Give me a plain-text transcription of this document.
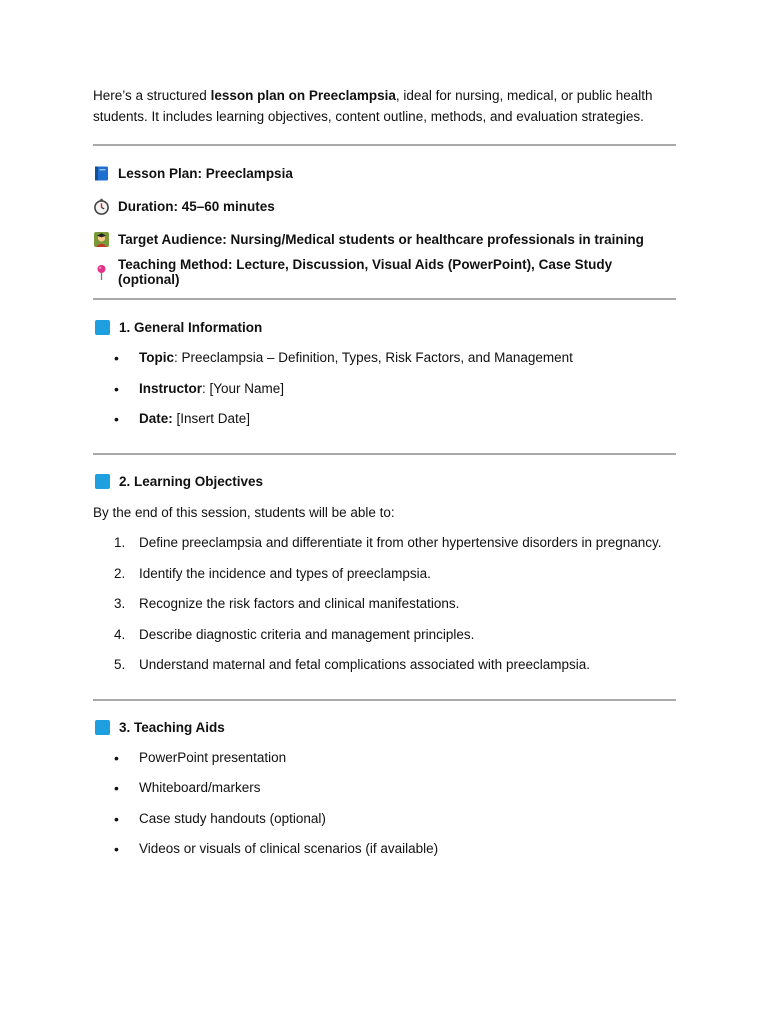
Here’s a structured lesson plan on Preeclampsia, ideal for nursing, medical, or public health students. It includes learning objectives, content outline, methods, and evaluation strategies.

Lesson Plan: Preeclampsia
Duration: 45–60 minutes
Target Audience: Nursing/Medical students or healthcare professionals in training
Teaching Method: Lecture, Discussion, Visual Aids (PowerPoint), Case Study (optional)
1. General Information
• Topic: Preeclampsia – Definition, Types, Risk Factors, and Management
• Instructor: [Your Name]
• Date: [Insert Date]
2. Learning Objectives

By the end of this session, students will be able to:

1. Define preeclampsia and differentiate it from other hypertensive disorders in pregnancy.
2. Identify the incidence and types of preeclampsia.
3. Recognize the risk factors and clinical manifestations.
4. Describe diagnostic criteria and management principles.
5. Understand maternal and fetal complications associated with preeclampsia.
3. Teaching Aids
• PowerPoint presentation
• Whiteboard/markers
• Case study handouts (optional)
• Videos or visuals of clinical scenarios (if available)
